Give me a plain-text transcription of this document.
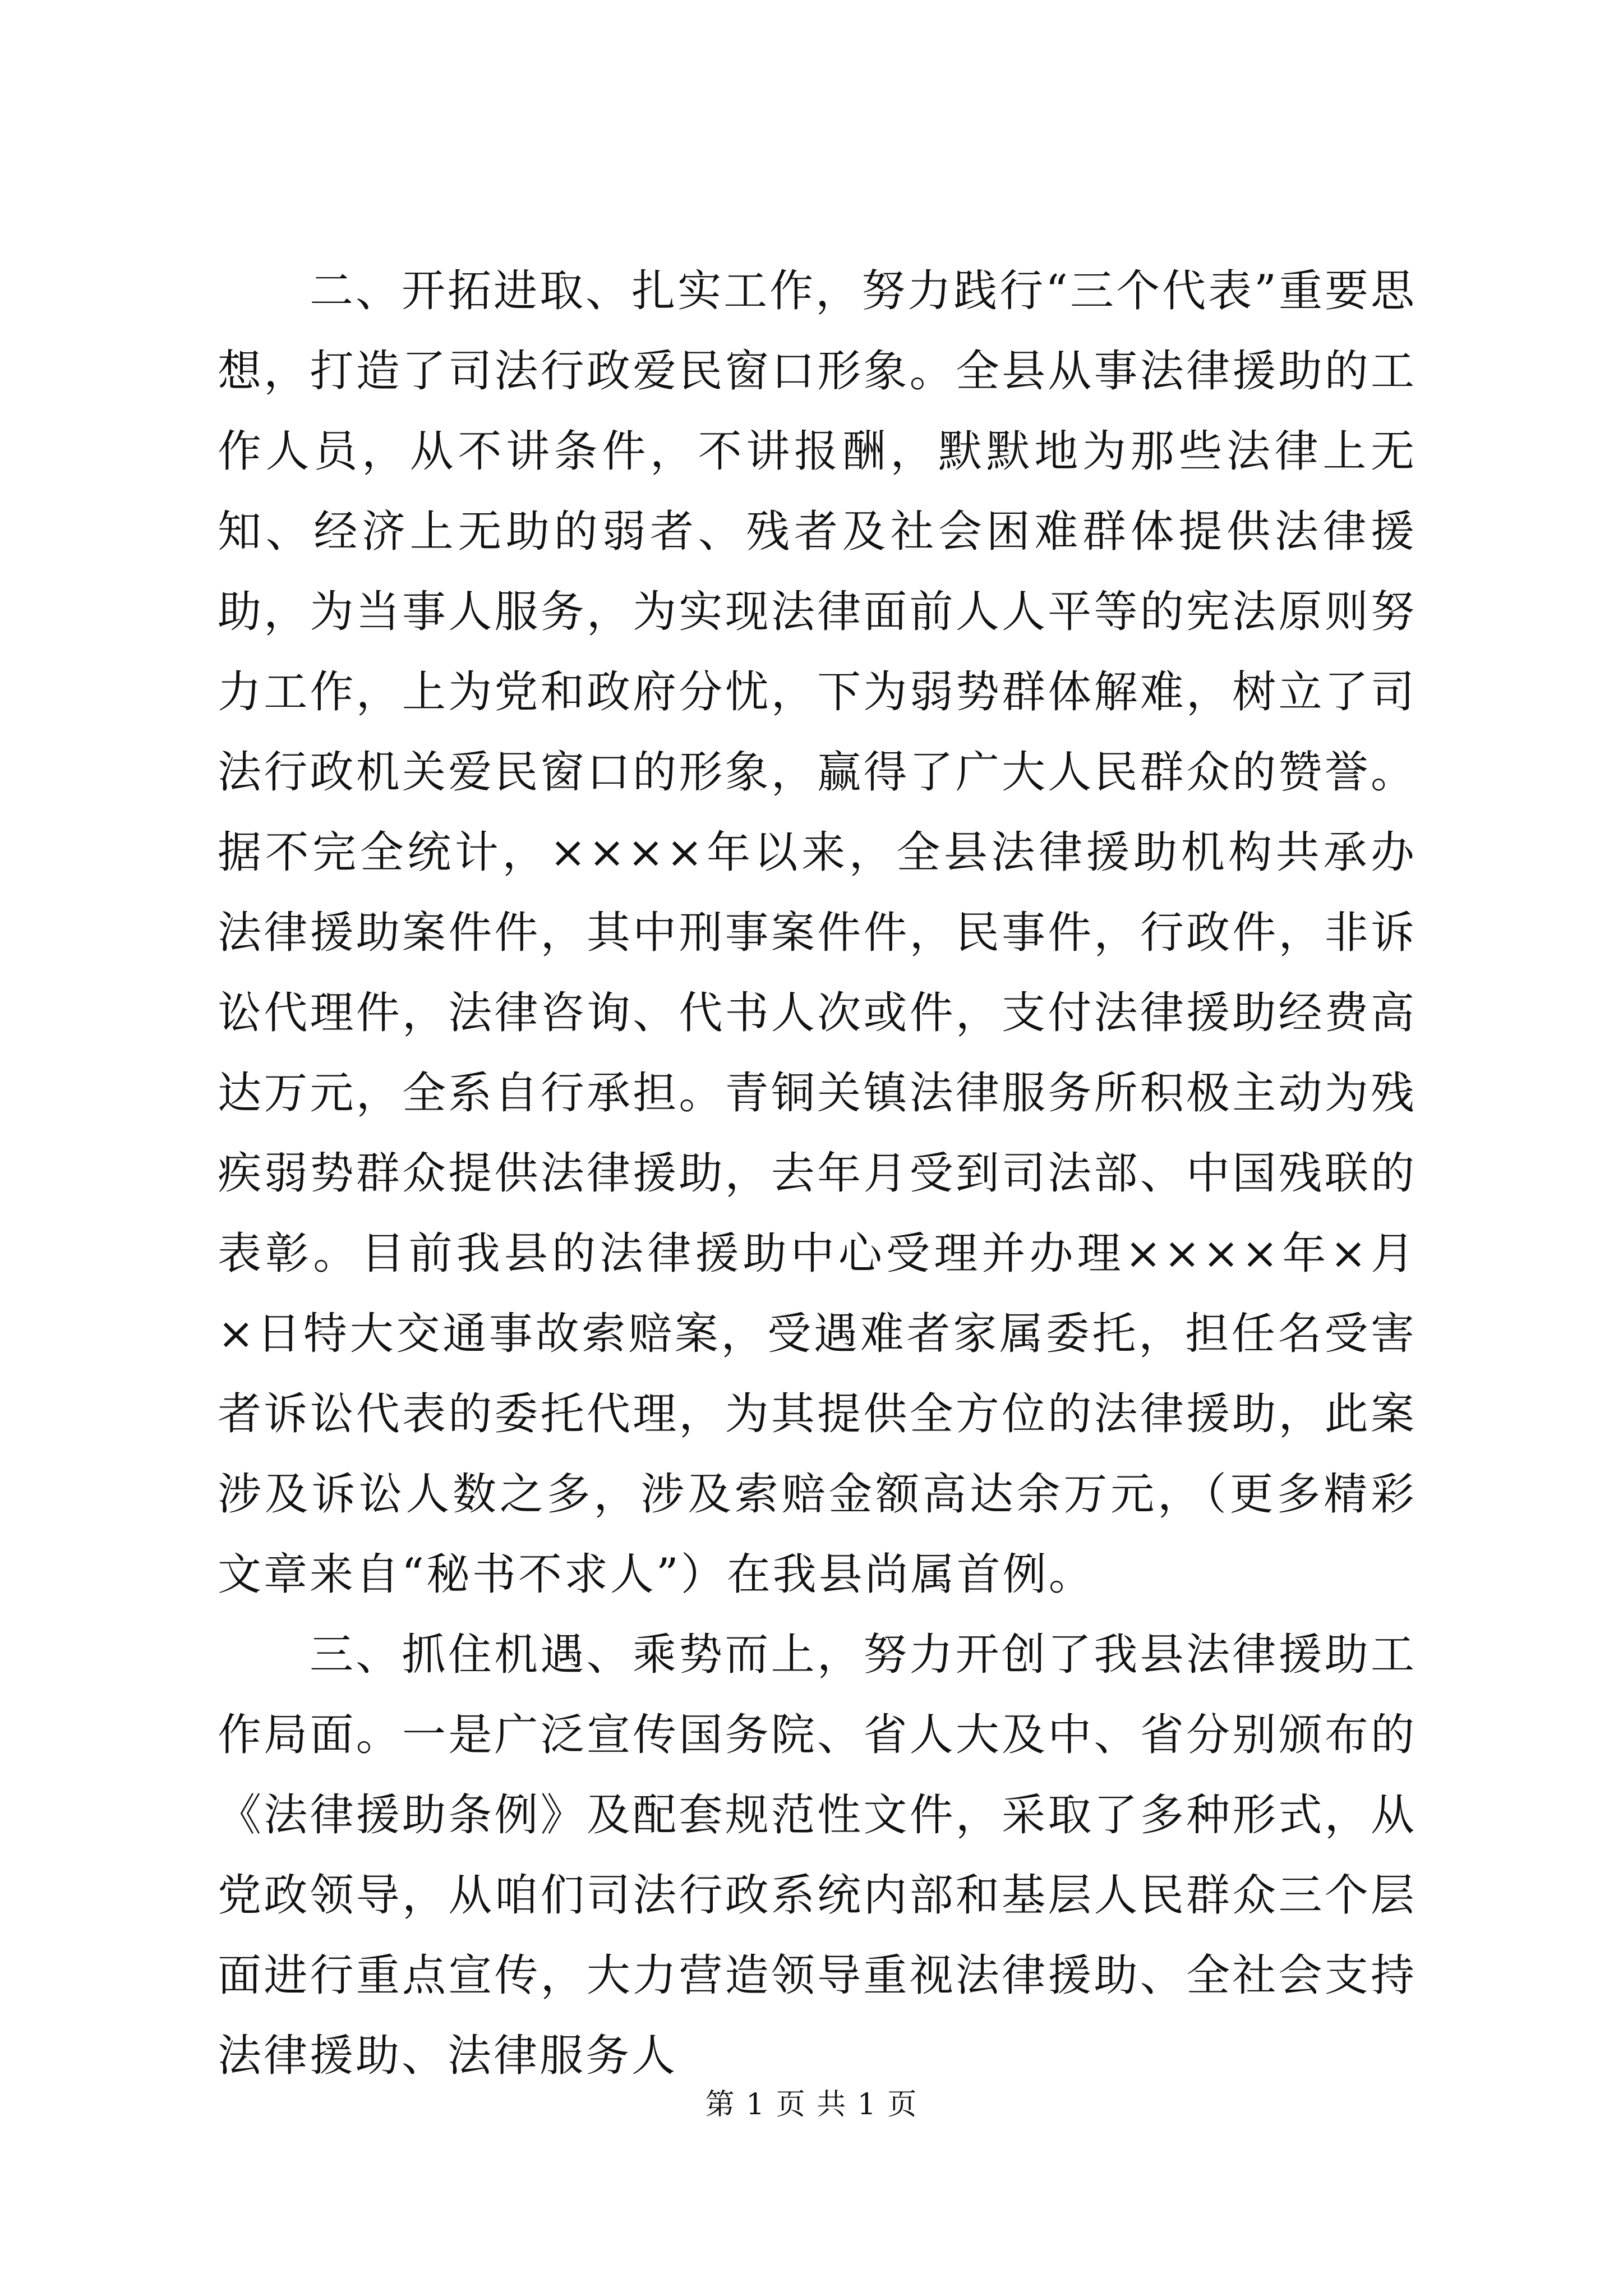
二、开拓进取、扎实工作，努力践行“三个代表”重要思想，打造了司法行政爱民窗口形象。全县从事法律援助的工作人员，从不讲条件，不讲报酬，默默地为那些法律上无知、经济上无助的弱者、残者及社会困难群体提供法律援助，为当事人服务，为实现法律面前人人平等的宪法原则努力工作，上为党和政府分忧，下为弱势群体解难，树立了司法行政机关爱民窗口的形象，赢得了广大人民群众的赞誉。据不完全统计，××××年以来，全县法律援助机构共承办法律援助案件件，其中刑事案件件，民事件，行政件，非诉讼代理件，法律咨询、代书人次或件，支付法律援助经费高达万元，全系自行承担。青铜关镇法律服务所积极主动为残疾弱势群众提供法律援助，去年月受到司法部、中国残联的表彰。目前我县的法律援助中心受理并办理××××年×月×日特大交通事故索赔案，受遇难者家属委托，担任名受害者诉讼代表的委托代理，为其提供全方位的法律援助，此案涉及诉讼人数之多，涉及索赔金额高达余万元，（更多精彩文章来自“秘书不求人”）在我县尚属首例。

三、抓住机遇、乘势而上，努力开创了我县法律援助工作局面。一是广泛宣传国务院、省人大及中、省分别颁布的《法律援助条例》及配套规范性文件，采取了多种形式，从党政领导，从咱们司法行政系统内部和基层人民群众三个层面进行重点宣传，大力营造领导重视法律援助、全社会支持法律援助、法律服务人

第 1 页 共 1 页
